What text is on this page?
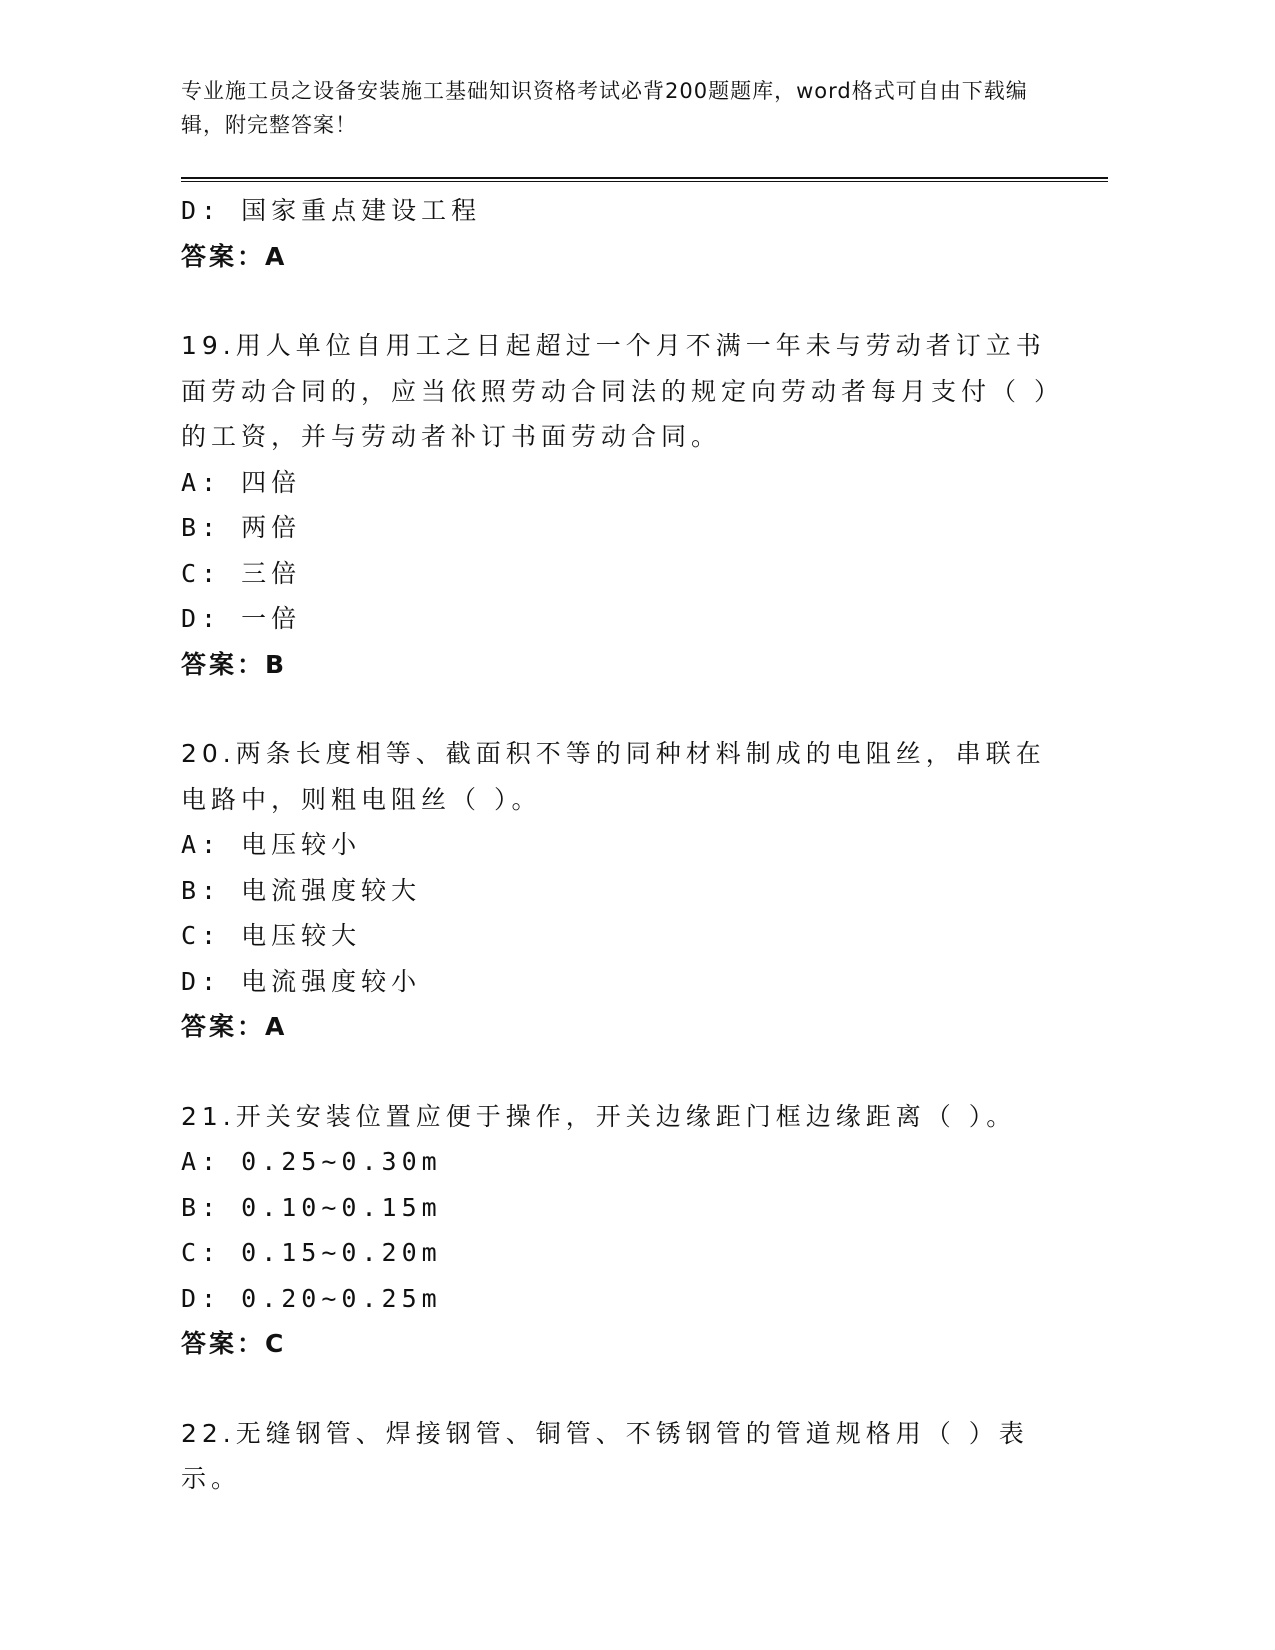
专业施工员之设备安装施工基础知识资格考试必背200题题库，word格式可自由下载编辑，附完整答案！
D: 国家重点建设工程
答案：A
19.用人单位自用工之日起超过一个月不满一年未与劳动者订立书面劳动合同的，应当依照劳动合同法的规定向劳动者每月支付（ ）的工资，并与劳动者补订书面劳动合同。
A: 四倍
B: 两倍
C: 三倍
D: 一倍
答案：B
20.两条长度相等、截面积不等的同种材料制成的电阻丝，串联在电路中，则粗电阻丝（ ）。
A: 电压较小
B: 电流强度较大
C: 电压较大
D: 电流强度较小
答案：A
21.开关安装位置应便于操作，开关边缘距门框边缘距离（ ）。
A: 0.25~0.30m
B: 0.10~0.15m
C: 0.15~0.20m
D: 0.20~0.25m
答案：C
22.无缝钢管、焊接钢管、铜管、不锈钢管的管道规格用（ ）表示。
